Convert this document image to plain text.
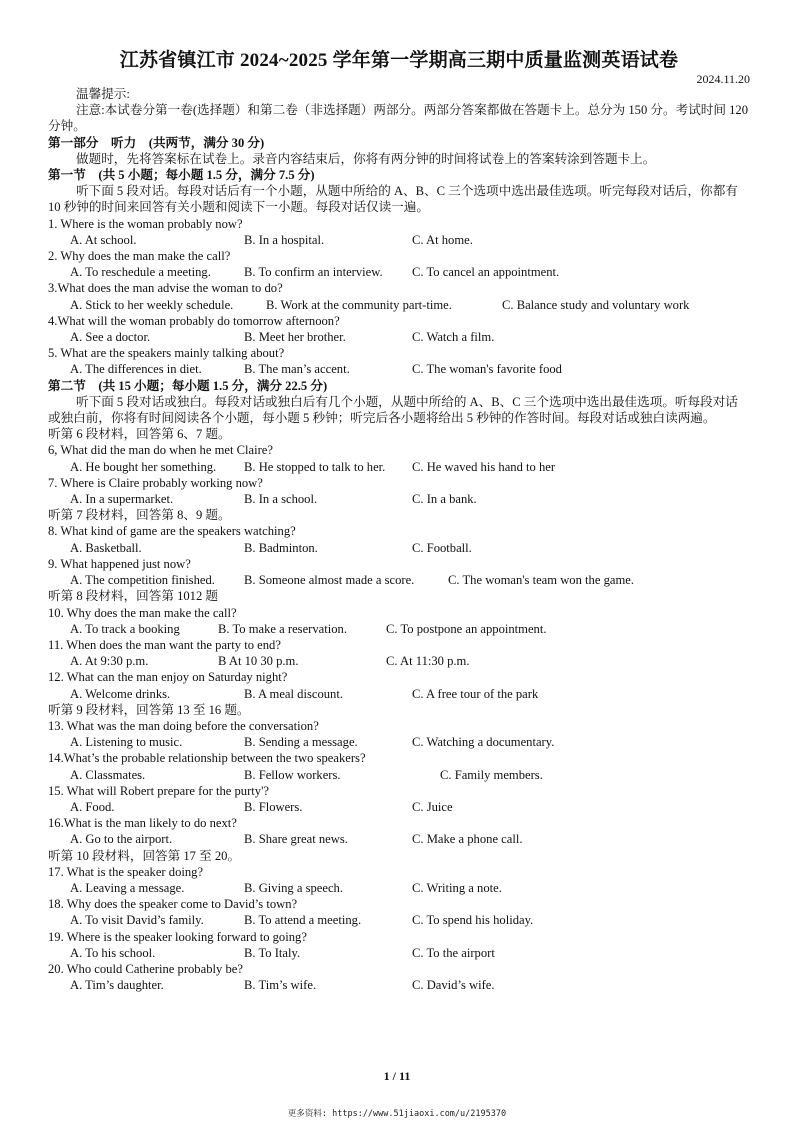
江苏省镇江市 2024~2025 学年第一学期高三期中质量监测英语试卷
2024.11.20

温馨提示:

注意:本试卷分第一卷(选择题）和第二卷（非选择题）两部分。两部分答案都做在答题卡上。总分为 150 分。考试时间 120 分钟。

第一部分　听力　(共两节，满分 30 分)

做题时，先将答案标在试卷上。录音内容结束后，你将有两分钟的时间将试卷上的答案转涂到答题卡上。

第一节　(共 5 小题；每小题 1.5 分，满分 7.5 分)

听下面 5 段对话。每段对话后有一个小题，从题中所给的 A、B、C 三个选项中选出最佳选项。听完每段对话后，你都有 10 秒钟的时间来回答有关小题和阅读下一小题。每段对话仅读一遍。

1. Where is the woman probably now?

A. At school.	B. In a hospital.	C. At home.

2. Why does the man make the call?

A. To reschedule a meeting.	B. To confirm an interview.	C. To cancel an appointment.

3.What does the man advise the woman to do?

A. Stick to her weekly schedule.	B. Work at the community part-time.	C. Balance study and voluntary work

4.What will the woman probably do tomorrow afternoon?

A. See a doctor.	B. Meet her brother.	C. Watch a film.

5. What are the speakers mainly talking about?

A. The differences in diet.	B. The man’s accent.	C. The woman's favorite food

第二节　(共 15 小题；每小题 1.5 分，满分 22.5 分)

听下面 5 段对话或独白。每段对话或独白后有几个小题，从题中所给的 A、B、C 三个选项中选出最佳选项。听每段对话或独白前，你将有时间阅读各个小题，每小题 5 秒钟；听完后各小题将给出 5 秒钟的作答时间。每段对话或独白读两遍。

听第 6 段材料，回答第 6、7 题。

6, What did the man do when he met Claire?

A. He bought her something.	B. He stopped to talk to her.	C. He waved his hand to her

7. Where is Claire probably working now?

A. In a supermarket.	B. In a school.	C. In a bank.

听第 7 段材料，回答第 8、9 题。

8. What kind of game are the speakers watching?

A. Basketball.	B. Badminton.	C. Football.

9. What happened just now?

A. The competition finished.	B. Someone almost made a score.	C. The woman's team won the game.

听第 8 段材料，回答第 1012 题

10. Why does the man make the call?

A. To track a booking	B. To make a reservation.	C. To postpone an appointment.

11. When does the man want the party to end?

A. At 9:30 p.m.	B At 10 30 p.m.	C. At 11:30 p.m.

12. What can the man enjoy on Saturday night?

A. Welcome drinks.	B. A meal discount.	C. A free tour of the park

听第 9 段材料，回答第 13 至 16 题。

13. What was the man doing before the conversation?

A. Listening to music.	B. Sending a message.	C. Watching a documentary.

14.What’s the probable relationship between the two speakers?

A. Classmates.	B. Fellow workers.	C. Family members.

15. What will Robert prepare for the purty'?

A. Food.	B. Flowers.	C. Juice

16.What is the man likely to do next?

A. Go to the airport.	B. Share great news.	C. Make a phone call.

听第 10 段材料，回答第 17 至 20。

17. What is the speaker doing?

A. Leaving a message.	B. Giving a speech.	C. Writing a note.

18. Why does the speaker come to David’s town?

A. To visit David’s family.	B. To attend a meeting.	C. To spend his holiday.

19. Where is the speaker looking forward to going?

A. To his school.	B. To Italy.	C. To the airport

20. Who could Catherine probably be?

A. Tim’s daughter.	B. Tim’s wife.	C. David’s wife.
1 / 11
更多资料: https://www.51jiaoxi.com/u/2195370
